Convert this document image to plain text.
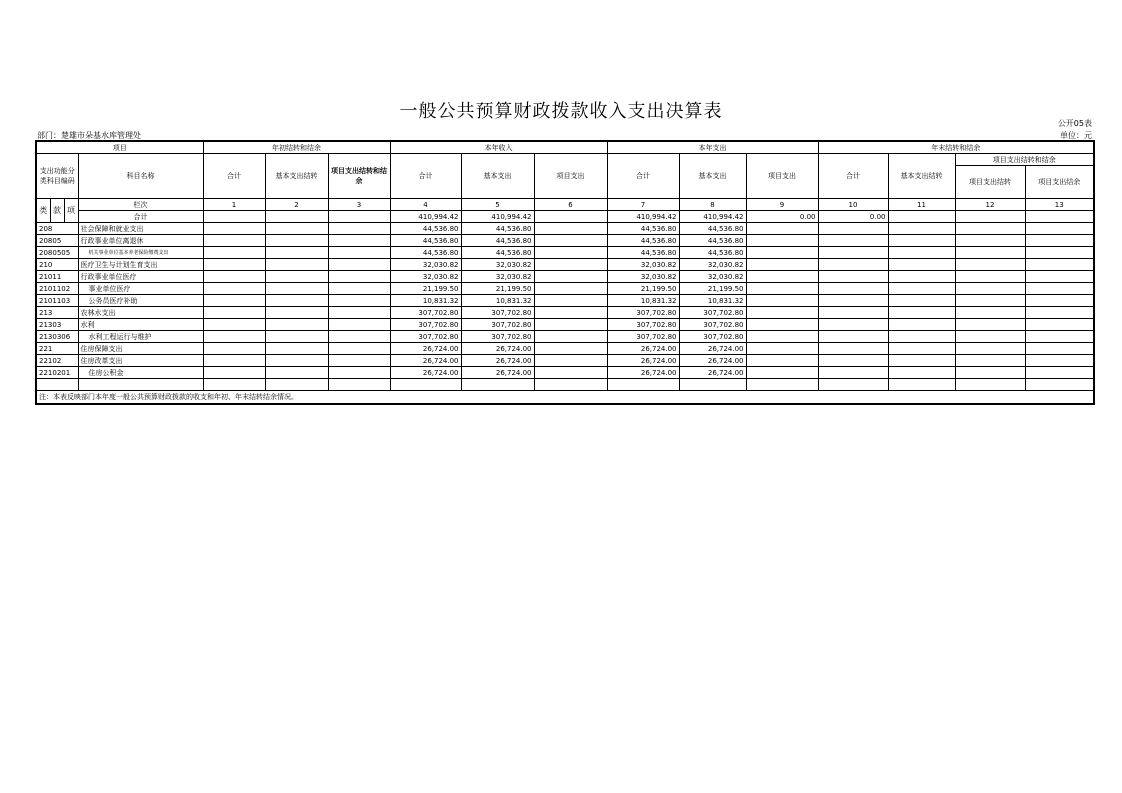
一般公共预算财政拨款收入支出决算表
公开05表
部门：楚雄市朵基水库管理处	单位：元
项目				年初结转和结余			本年收入			本年支出			年末结转和结余			
支出功能分类科目编码			科目名称	合计	基本支出结转	项目支出结转和结余	合计	基本支出	项目支出	合计	基本支出	项目支出	合计	基本支出结转	项目支出结转和结余	
															项目支出结转	项目支出结余

类	款	项	栏次	1	2	3	4	5	6	7	8	9	10	11	12	13
			合计				410,994.42	410,994.42		410,994.42	410,994.42	0.00	0.00			
208			社会保障和就业支出				44,536.80	44,536.80		44,536.80	44,536.80					
20805			行政事业单位离退休				44,536.80	44,536.80		44,536.80	44,536.80					
2080505			机关事业单位基本养老保险缴费支出				44,536.80	44,536.80		44,536.80	44,536.80					
210			医疗卫生与计划生育支出				32,030.82	32,030.82		32,030.82	32,030.82					
21011			行政事业单位医疗				32,030.82	32,030.82		32,030.82	32,030.82					
2101102			事业单位医疗				21,199.50	21,199.50		21,199.50	21,199.50					
2101103			公务员医疗补助				10,831.32	10,831.32		10,831.32	10,831.32					
213			农林水支出				307,702.80	307,702.80		307,702.80	307,702.80					
21303			水利				307,702.80	307,702.80		307,702.80	307,702.80					
2130306			水利工程运行与维护				307,702.80	307,702.80		307,702.80	307,702.80					
221			住房保障支出				26,724.00	26,724.00		26,724.00	26,724.00					
22102			住房改革支出				26,724.00	26,724.00		26,724.00	26,724.00					
2210201			住房公积金				26,724.00	26,724.00		26,724.00	26,724.00					

注：本表反映部门本年度一般公共预算财政拨款的收支和年初、年末结转结余情况。																
